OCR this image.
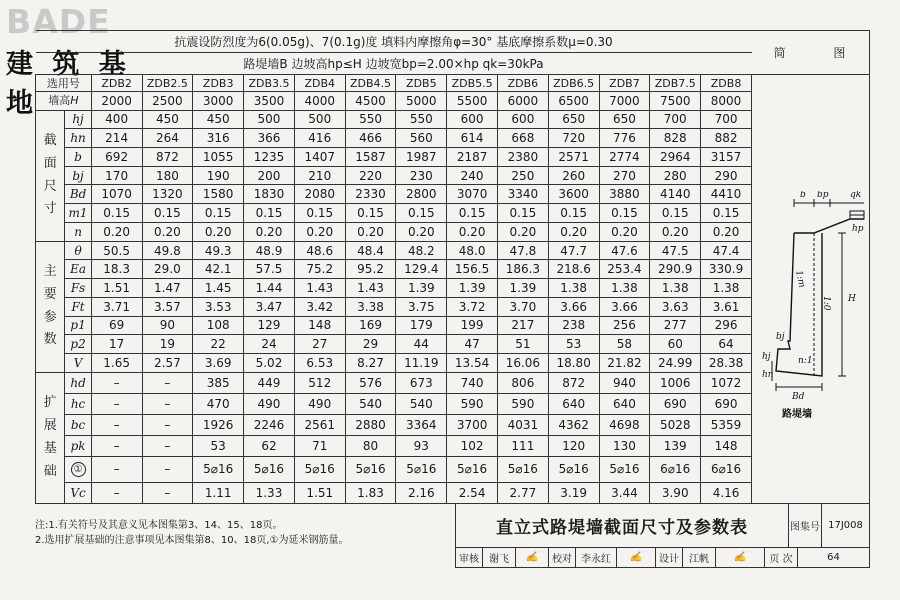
BADE
建 筑 基 地
抗震设防烈度为6(0.05g)、7(0.1g)度 填料内摩擦角φ=30° 基底摩擦系数μ=0.30														
路堤墙B 边坡高hp≤H 边坡宽bp=2.00×hp qk=30kPa														
选用号		ZDB2	ZDB2.5	ZDB3	ZDB3.5	ZDB4	ZDB4.5	ZDB5	ZDB5.5	ZDB6	ZDB6.5	ZDB7	ZDB7.5	ZDB8
墙高H		2000	2500	3000	3500	4000	4500	5000	5500	6000	6500	7000	7500	8000
截 面 尺 寸	hj	400	450	450	500	500	550	550	600	600	650	650	700	700
	hn	214	264	316	366	416	466	560	614	668	720	776	828	882
	b	692	872	1055	1235	1407	1587	1987	2187	2380	2571	2774	2964	3157
	bj	170	180	190	200	210	220	230	240	250	260	270	280	290
	Bd	1070	1320	1580	1830	2080	2330	2800	3070	3340	3600	3880	4140	4410
	m1	0.15	0.15	0.15	0.15	0.15	0.15	0.15	0.15	0.15	0.15	0.15	0.15	0.15
	n	0.20	0.20	0.20	0.20	0.20	0.20	0.20	0.20	0.20	0.20	0.20	0.20	0.20
主 要 参 数	θ	50.5	49.8	49.3	48.9	48.6	48.4	48.2	48.0	47.8	47.7	47.6	47.5	47.4
	Ea	18.3	29.0	42.1	57.5	75.2	95.2	129.4	156.5	186.3	218.6	253.4	290.9	330.9
	Fs	1.51	1.47	1.45	1.44	1.43	1.43	1.39	1.39	1.39	1.38	1.38	1.38	1.38
	Ft	3.71	3.57	3.53	3.47	3.42	3.38	3.75	3.72	3.70	3.66	3.66	3.63	3.61
	p1	69	90	108	129	148	169	179	199	217	238	256	277	296
	p2	17	19	22	24	27	29	44	47	51	53	58	60	64
	V	1.65	2.57	3.69	5.02	6.53	8.27	11.19	13.54	16.06	18.80	21.82	24.99	28.38
扩 展 基 础	hd	–	–	385	449	512	576	673	740	806	872	940	1006	1072
	hc	–	–	470	490	490	540	540	590	590	640	640	690	690
	bc	–	–	1926	2246	2561	2880	3364	3700	4031	4362	4698	5028	5359
	pk	–	–	53	62	71	80	93	102	111	120	130	139	148
	①	–	–	5⌀16	5⌀16	5⌀16	5⌀16	5⌀16	5⌀16	5⌀16	5⌀16	5⌀16	6⌀16	6⌀16
	Vc	–	–	1.11	1.33	1.51	1.83	2.16	2.54	2.77	3.19	3.44	3.90	4.16
简 图
b bp qk
hp
1:m
1:0 H
bj
n:1
hj
hn
Bd
路堤墙
注:1.有关符号及其意义见本图集第3、14、15、18页。
2.选用扩展基础的注意事项见本图集第8、10、18页,①为延米钢筋量。
直立式路堤墙截面尺寸及参数表	图集号 17J008
审核	谢飞	✍	校对 李永红	✍	设计	江帆	✍	页 次	64
